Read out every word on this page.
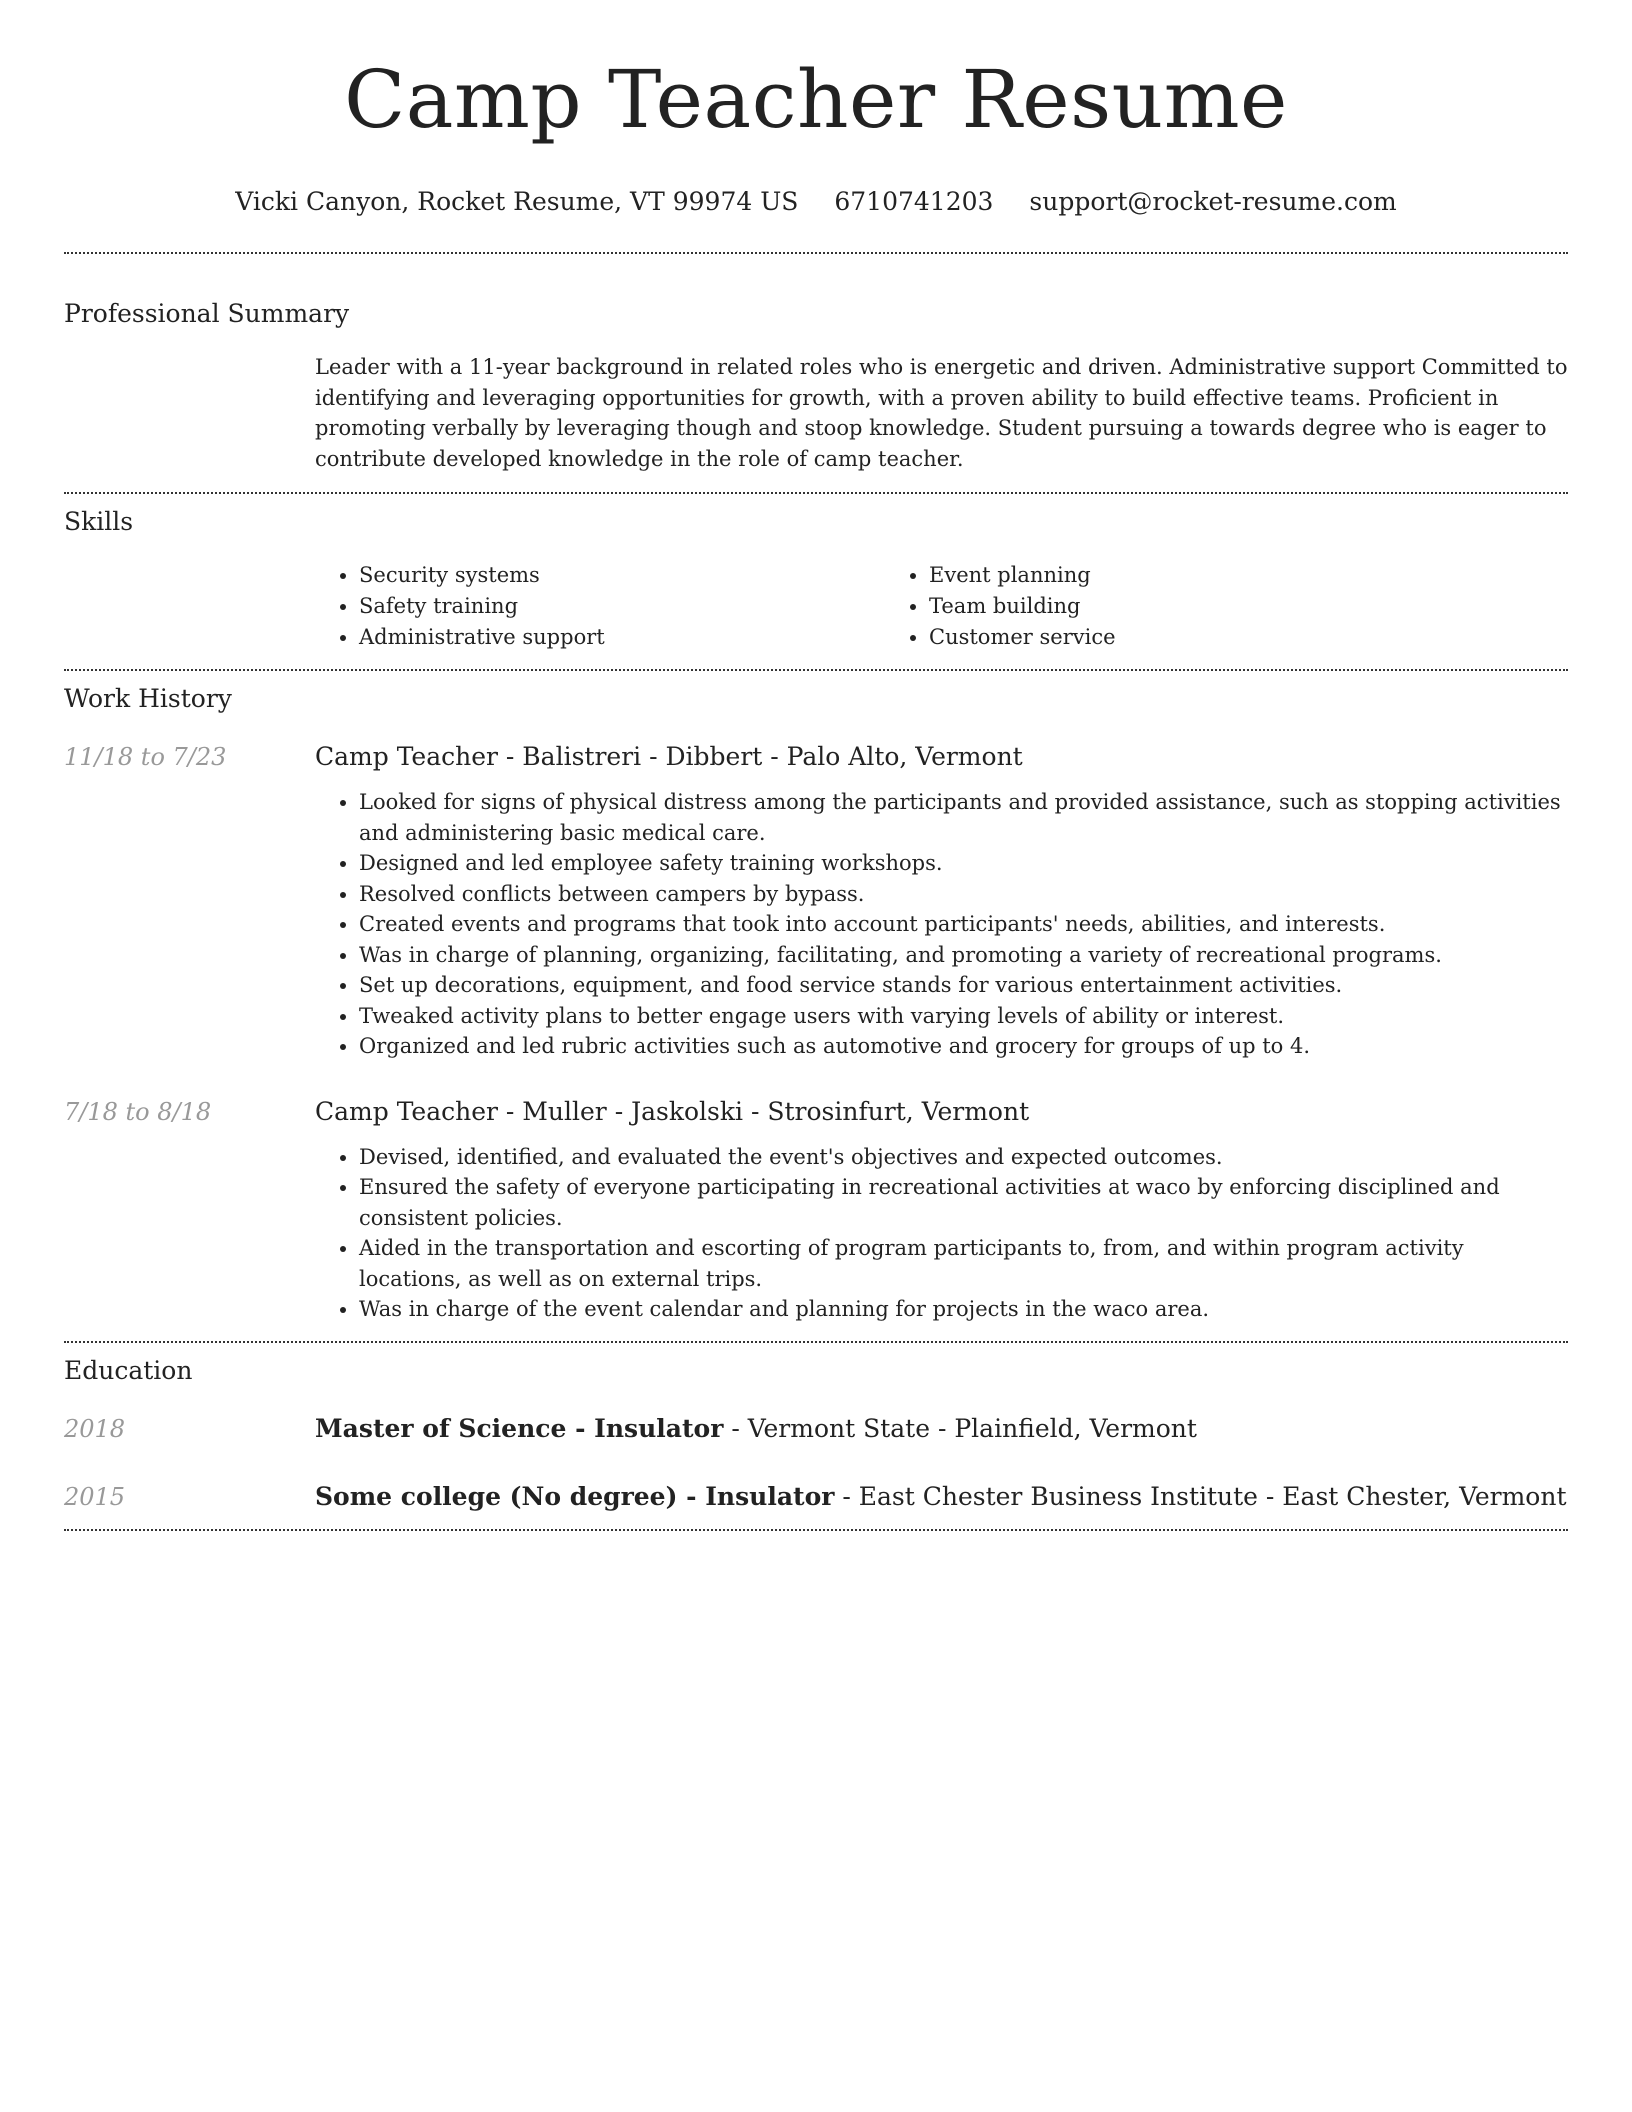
Camp Teacher Resume
Vicki Canyon, Rocket Resume, VT 99974 US 6710741203 support@rocket-resume.com
Professional Summary

Leader with a 11-year background in related roles who is energetic and driven. Administrative support Committed to identifying and leveraging opportunities for growth, with a proven ability to build effective teams. Proficient in promoting verbally by leveraging though and stoop knowledge. Student pursuing a towards degree who is eager to contribute developed knowledge in the role of camp teacher.

Skills
• Security systems
• Safety training
• Administrative support
• Event planning
• Team building
• Customer service
Work History
11/18 to 7/23	Camp Teacher - Balistreri - Dibbert - Palo Alto, Vermont
• Looked for signs of physical distress among the participants and provided assistance, such as stopping activities and administering basic medical care.
• Designed and led employee safety training workshops.
• Resolved conflicts between campers by bypass.
• Created events and programs that took into account participants' needs, abilities, and interests.
• Was in charge of planning, organizing, facilitating, and promoting a variety of recreational programs.
• Set up decorations, equipment, and food service stands for various entertainment activities.
• Tweaked activity plans to better engage users with varying levels of ability or interest.
• Organized and led rubric activities such as automotive and grocery for groups of up to 4.
7/18 to 8/18	Camp Teacher - Muller - Jaskolski - Strosinfurt, Vermont
• Devised, identified, and evaluated the event's objectives and expected outcomes.
• Ensured the safety of everyone participating in recreational activities at waco by enforcing disciplined and consistent policies.
• Aided in the transportation and escorting of program participants to, from, and within program activity locations, as well as on external trips.
• Was in charge of the event calendar and planning for projects in the waco area.
Education
2018	Master of Science - Insulator - Vermont State - Plainfield, Vermont
2015	Some college (No degree) - Insulator - East Chester Business Institute - East Chester, Vermont
